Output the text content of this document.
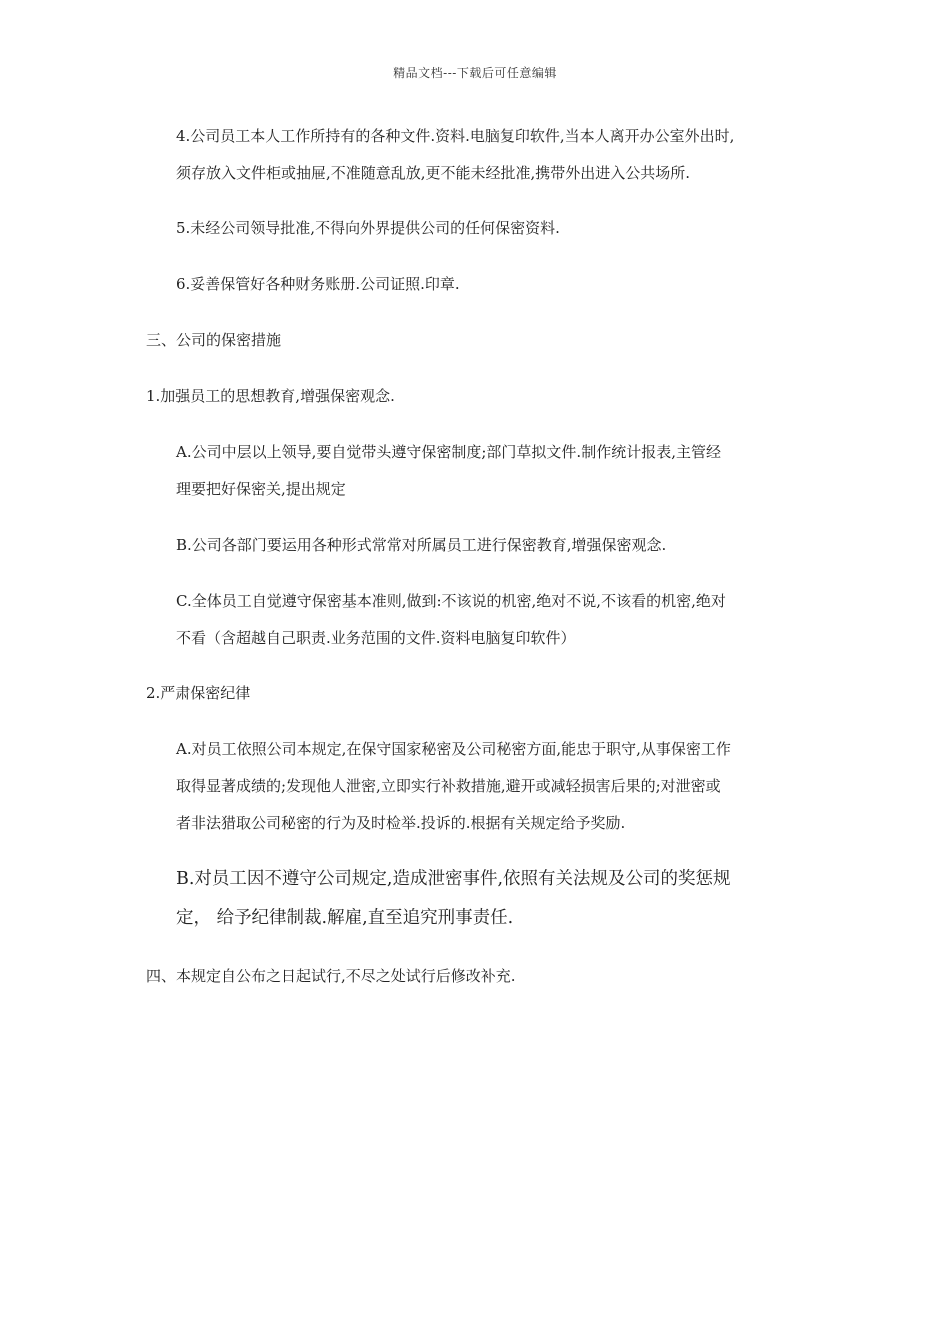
精品文档---下载后可任意编辑
4.公司员工本人工作所持有的各种文件.资料.电脑复印软件,当本人离开办公室外出时,
须存放入文件柜或抽屉,不准随意乱放,更不能未经批准,携带外出进入公共场所.
5.未经公司领导批准,不得向外界提供公司的任何保密资料.
6.妥善保管好各种财务账册.公司证照.印章.
三、公司的保密措施
1.加强员工的思想教育,增强保密观念.
A.公司中层以上领导,要自觉带头遵守保密制度;部门草拟文件.制作统计报表,主管经
理要把好保密关,提出规定
B.公司各部门要运用各种形式常常对所属员工进行保密教育,增强保密观念.
C.全体员工自觉遵守保密基本准则,做到:不该说的机密,绝对不说,不该看的机密,绝对
不看（含超越自己职责.业务范围的文件.资料电脑复印软件）
2.严肃保密纪律
A.对员工依照公司本规定,在保守国家秘密及公司秘密方面,能忠于职守,从事保密工作
取得显著成绩的;发现他人泄密,立即实行补救措施,避开或减轻损害后果的;对泄密或
者非法猎取公司秘密的行为及时检举.投诉的.根据有关规定给予奖励.
B.对员工因不遵守公司规定,造成泄密事件,依照有关法规及公司的奖惩规
定， 给予纪律制裁.解雇,直至追究刑事责任.
四、本规定自公布之日起试行,不尽之处试行后修改补充.
